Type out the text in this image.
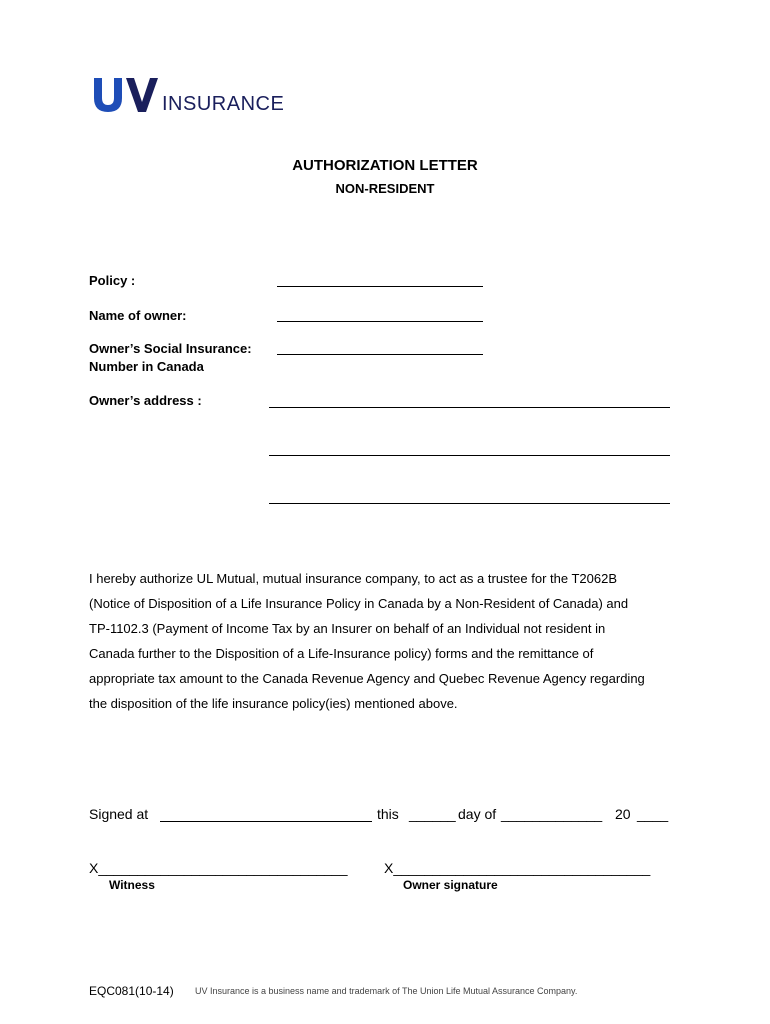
INSURANCE
AUTHORIZATION LETTER
NON-RESIDENT
Policy :
Name of owner:
Owner’s Social Insurance:
Number in Canada
Owner’s address :
I hereby authorize UL Mutual, mutual insurance company, to act as a trustee for the T2062B
(Notice of Disposition of a Life Insurance Policy in Canada by a Non-Resident of Canada) and
TP-1102.3 (Payment of Income Tax by an Insurer on behalf of an Individual not resident in
Canada further to the Disposition of a Life-Insurance policy) forms and the remittance of
appropriate tax amount to the Canada Revenue Agency and Quebec Revenue Agency regarding
the disposition of the life insurance policy(ies) mentioned above.
Signed at	this ______ day of _____________ 20 ____
X________________________________
Witness
X_________________________________
Owner signature
EQC081(10-14) UV Insurance is a business name and trademark of The Union Life Mutual Assurance Company.
